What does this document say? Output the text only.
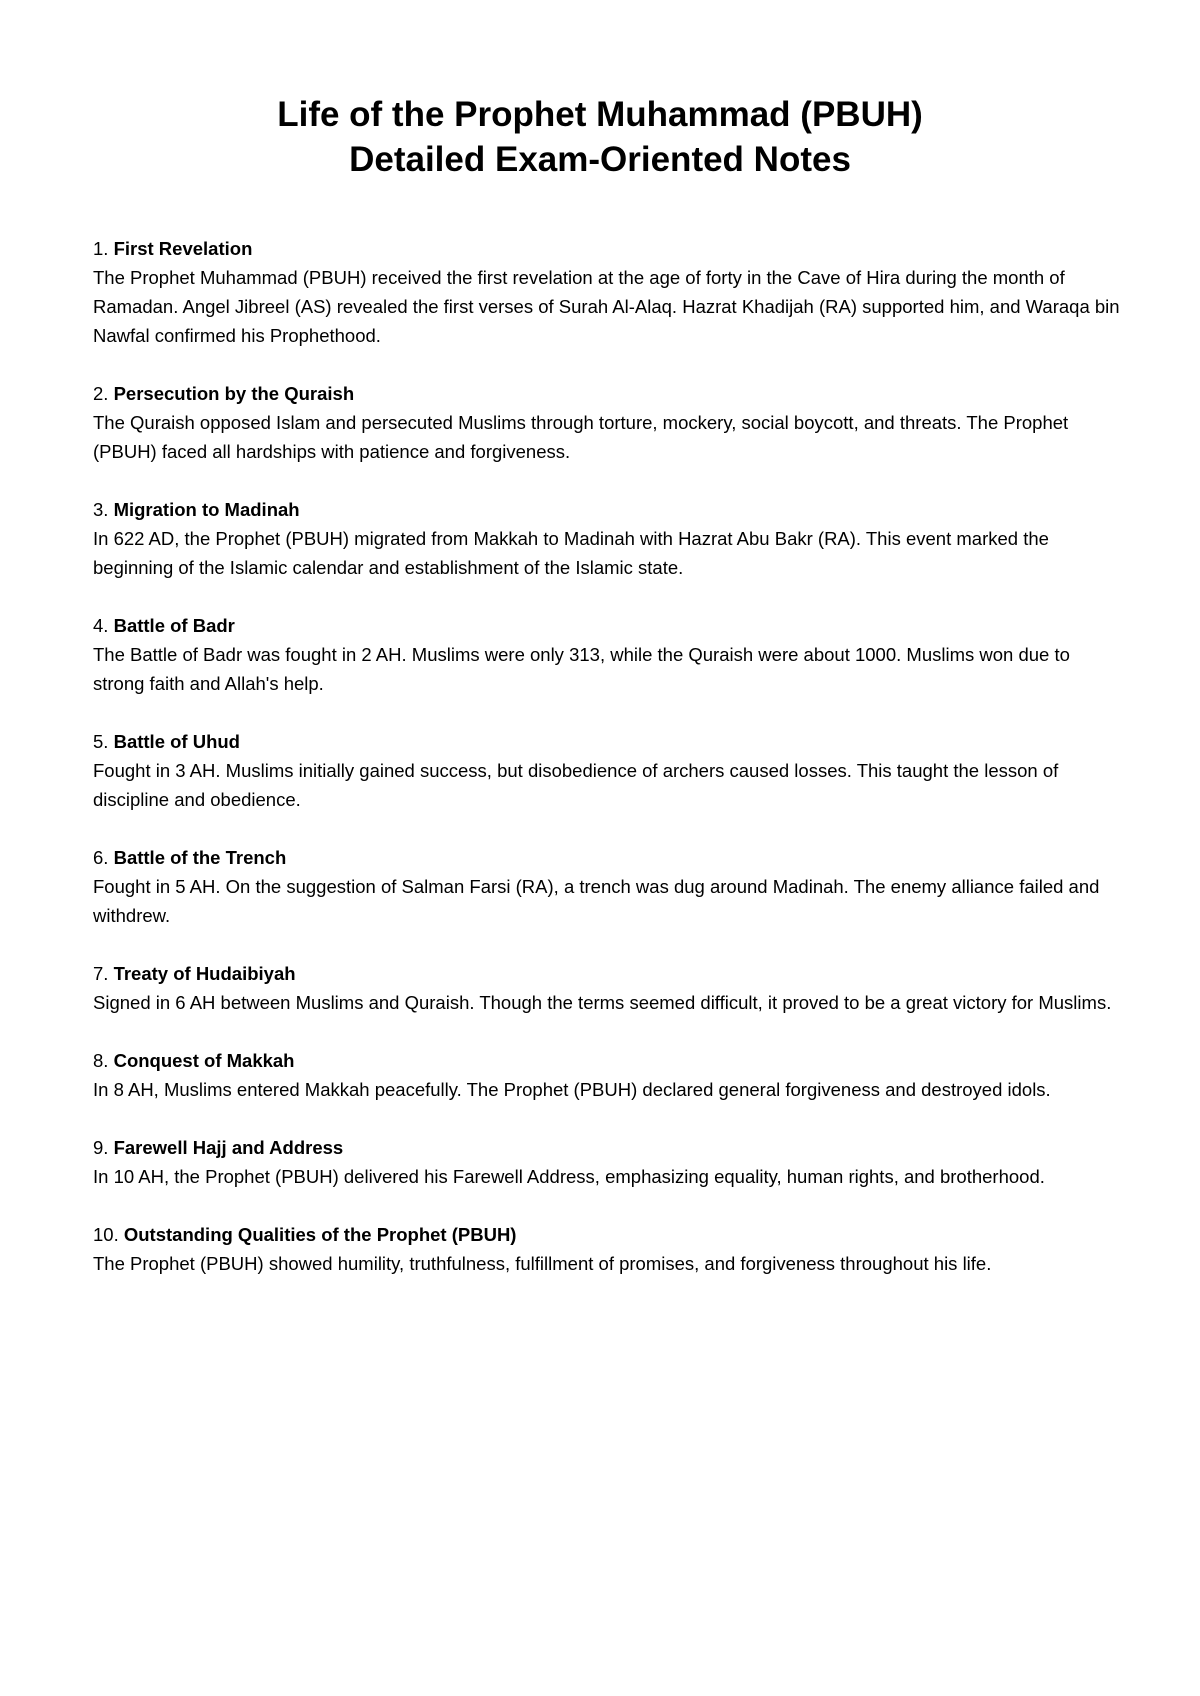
Life of the Prophet Muhammad (PBUH)

Detailed Exam-Oriented Notes

1. First Revelation

The Prophet Muhammad (PBUH) received the first revelation at the age of forty in the Cave of Hira during the month of Ramadan. Angel Jibreel (AS) revealed the first verses of Surah Al-Alaq. Hazrat Khadijah (RA) supported him, and Waraqa bin Nawfal confirmed his Prophethood.

2. Persecution by the Quraish

The Quraish opposed Islam and persecuted Muslims through torture, mockery, social boycott, and threats. The Prophet (PBUH) faced all hardships with patience and forgiveness.

3. Migration to Madinah

In 622 AD, the Prophet (PBUH) migrated from Makkah to Madinah with Hazrat Abu Bakr (RA). This event marked the beginning of the Islamic calendar and establishment of the Islamic state.

4. Battle of Badr

The Battle of Badr was fought in 2 AH. Muslims were only 313, while the Quraish were about 1000. Muslims won due to strong faith and Allah's help.

5. Battle of Uhud

Fought in 3 AH. Muslims initially gained success, but disobedience of archers caused losses. This taught the lesson of discipline and obedience.

6. Battle of the Trench

Fought in 5 AH. On the suggestion of Salman Farsi (RA), a trench was dug around Madinah. The enemy alliance failed and withdrew.

7. Treaty of Hudaibiyah

Signed in 6 AH between Muslims and Quraish. Though the terms seemed difficult, it proved to be a great victory for Muslims.

8. Conquest of Makkah

In 8 AH, Muslims entered Makkah peacefully. The Prophet (PBUH) declared general forgiveness and destroyed idols.

9. Farewell Hajj and Address

In 10 AH, the Prophet (PBUH) delivered his Farewell Address, emphasizing equality, human rights, and brotherhood.

10. Outstanding Qualities of the Prophet (PBUH)

The Prophet (PBUH) showed humility, truthfulness, fulfillment of promises, and forgiveness throughout his life.
